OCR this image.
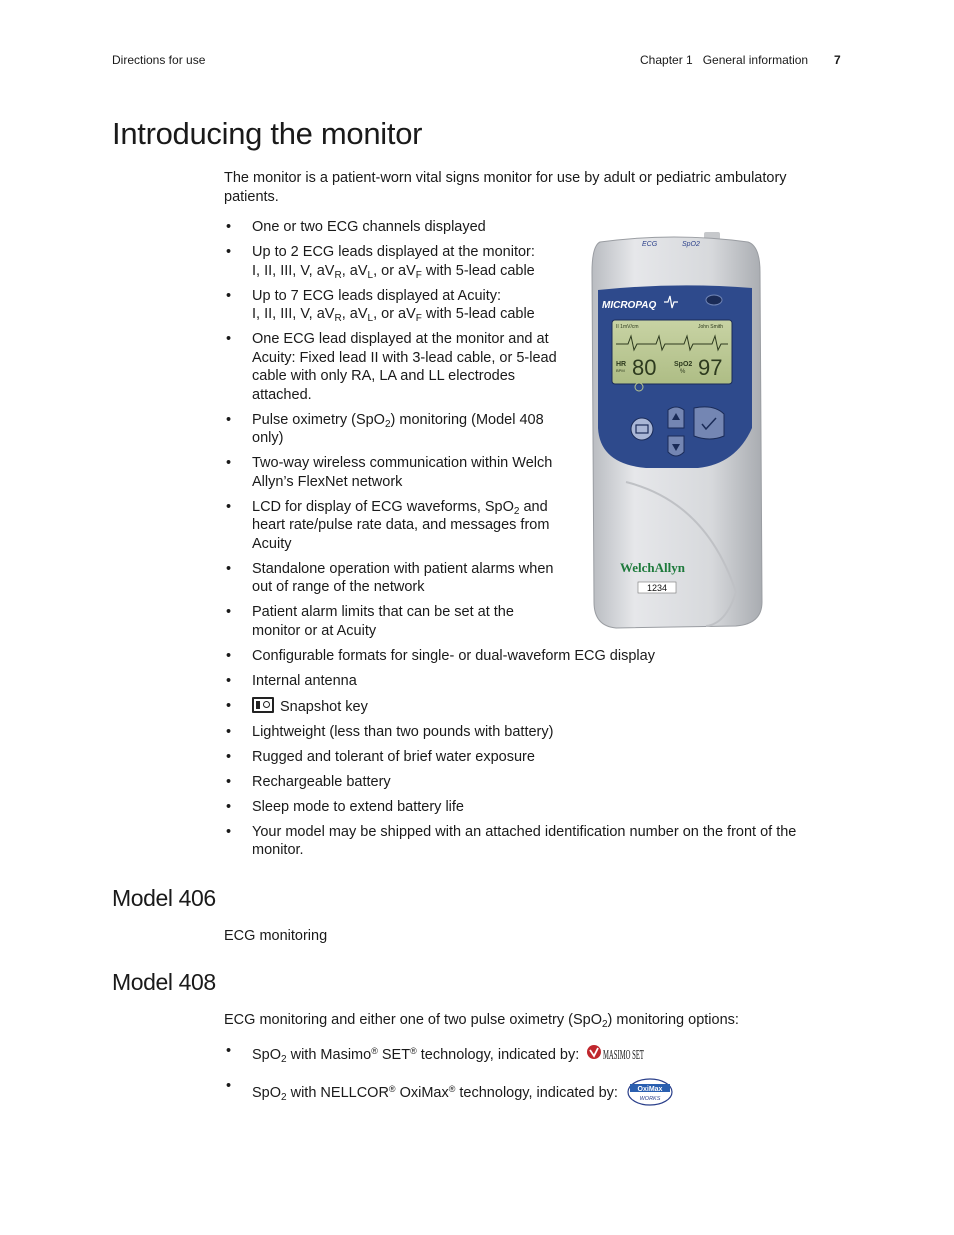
Directions for use	Chapter 1 General information 7
Introducing the monitor

The monitor is a patient-worn vital signs monitor for use by adult or pediatric ambulatory patients.

• One or two ECG channels displayed
• Up to 2 ECG leads displayed at the monitor:
I, II, III, V, $aV_R$, $aV_L$, or $aV_F$ with 5-lead cable
• Up to 7 ECG leads displayed at Acuity:
I, II, III, V, $aV_R$, $aV_L$, or $aV_F$ with 5-lead cable
• One ECG lead displayed at the monitor and at Acuity: Fixed lead II with 3-lead cable, or 5-lead cable with only RA, LA and LL electrodes attached.
• Pulse oximetry (SpO$_2$) monitoring (Model 408 only)
• Two-way wireless communication within Welch Allyn’s FlexNet network
• LCD for display of ECG waveforms, SpO$_2$ and heart rate/pulse rate data, and messages from Acuity
• Standalone operation with patient alarms when out of range of the network
• Patient alarm limits that can be set at the monitor or at Acuity
• Configurable formats for single- or dual-waveform ECG display
• Internal antenna
•	Snapshot key
• Lightweight (less than two pounds with battery)
• Rugged and tolerant of brief water exposure
• Rechargeable battery
• Sleep mode to extend battery life
• Your model may be shipped with an attached identification number on the front of the monitor.
ECG	SpO2
MICROPAQ
II 1mV/cm	John Smith
HR
BPM 80	SpO2
% 97
WelchAllyn
1234
Model 406

ECG monitoring

Model 408

ECG monitoring and either one of two pulse oximetry (SpO$_2$) monitoring options:

• SpO$_2$ with Masimo® SET® technology, indicated by: MASIMO SET
• SpO$_2$ with NELLCOR® OxiMax® technology, indicated by:	OxiMax
WORKS
